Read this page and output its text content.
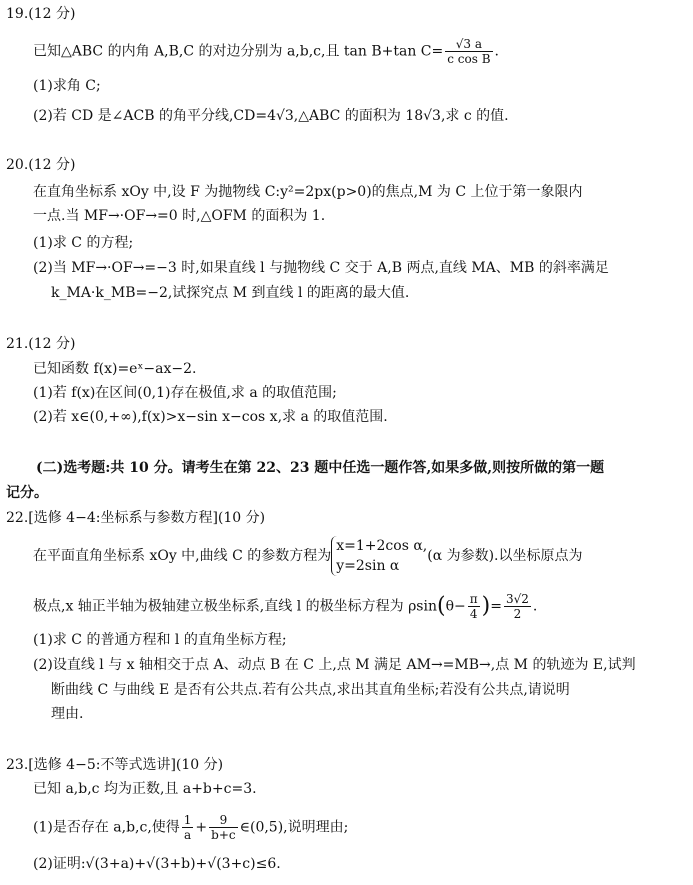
19.(12 分)
已知△ABC 的内角 A,B,C 的对边分别为 a,b,c,且 tan B+tan $C= \frac{√3 a}{\text{c cos B}}$ .
(1)求角 C;
(2)若 CD 是∠ACB 的角平分线,CD=4√3,△ABC 的面积为 18√3,求 c 的值.
20.(12 分)
在直角坐标系 xOy 中,设 F 为抛物线 C:y²=2px(p>0)的焦点,M 为 C 上位于第一象限内
一点.当 MF→·OF→=0 时,△OFM 的面积为 1.
(1)求 C 的方程;
(2)当 MF→·OF→=−3 时,如果直线 l 与抛物线 C 交于 A,B 两点,直线 MA、MB 的斜率满足
k_MA·k_MB=−2,试探究点 M 到直线 l 的距离的最大值.
21.(12 分)
已知函数 f(x)=eˣ−ax−2.
(1)若 f(x)在区间(0,1)存在极值,求 a 的取值范围;
(2)若 x∈(0,+∞),f(x)>x−sin x−cos x,求 a 的取值范围.
(二)选考题:共 10 分。请考生在第 22、23 题中任选一题作答,如果多做,则按所做的第一题
记分。
22.[选修 4−4:坐标系与参数方程](10 分)
在平面直角坐标系 xOy 中,曲线 C 的参数方程为
x=1+2cos α,
y=2sin α
(α 为参数).以坐标原点为
极点,x 轴正半轴为极轴建立极坐标系,直线 l 的极坐标方程为 $\rho\sin(\theta- \frac{\pi}{4}$ )= $\frac{3√2}{2}$ .
(1)求 C 的普通方程和 l 的直角坐标方程;
(2)设直线 l 与 x 轴相交于点 A、动点 B 在 C 上,点 M 满足 AM→=MB→,点 M 的轨迹为 E,试判
断曲线 C 与曲线 E 是否有公共点.若有公共点,求出其直角坐标;若没有公共点,请说明
理由.
23.[选修 4−5:不等式选讲](10 分)
已知 a,b,c 均为正数,且 a+b+c=3.
(1)是否存在 a,b,c,使得 $\frac{1}{a} + \frac{9}{b+c}$ ∈(0,5),说明理由;
(2)证明:√(3+a)+√(3+b)+√(3+c)≤6.
